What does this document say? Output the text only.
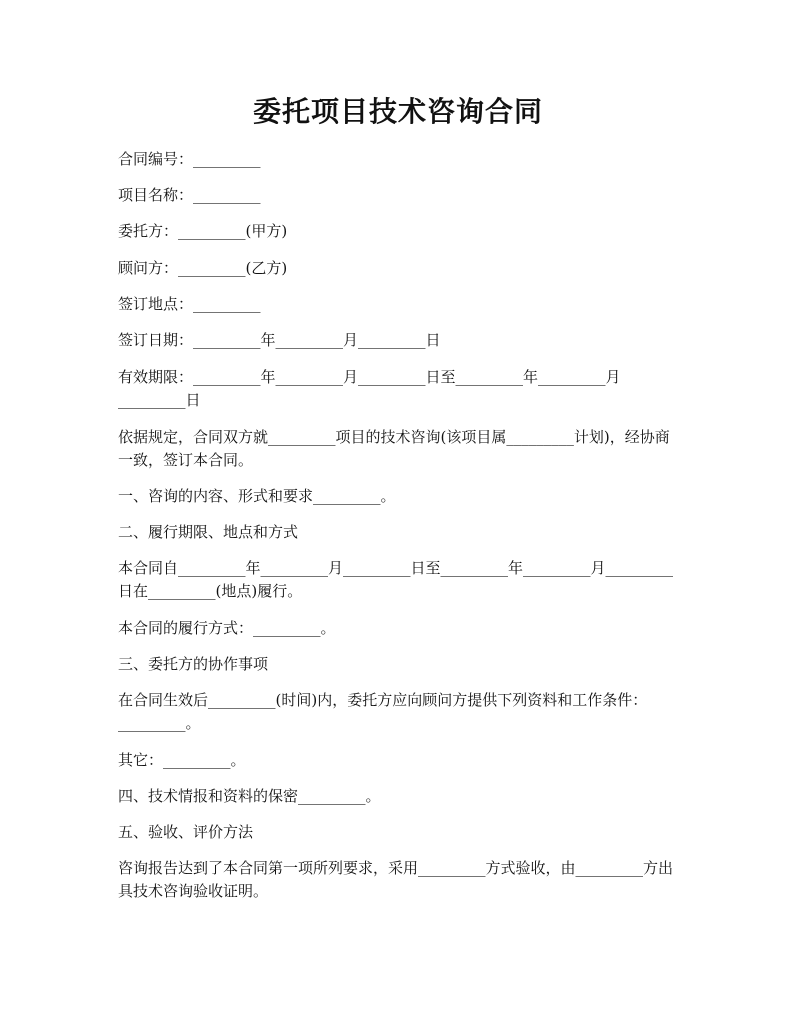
委托项目技术咨询合同

合同编号：_________

项目名称：_________

委托方：_________(甲方)

顾问方：_________(乙方)

签订地点：_________

签订日期：_________年_________月_________日

有效期限：_________年_________月_________日至_________年_________月_________日

依据规定，合同双方就_________项目的技术咨询(该项目属_________计划)，经协商一致，签订本合同。

一、咨询的内容、形式和要求_________。

二、履行期限、地点和方式

本合同自_________年_________月_________日至_________年_________月_________日在_________(地点)履行。

本合同的履行方式：_________。

三、委托方的协作事项

在合同生效后_________(时间)内，委托方应向顾问方提供下列资料和工作条件：_________。

其它：_________。

四、技术情报和资料的保密_________。

五、验收、评价方法

咨询报告达到了本合同第一项所列要求，采用_________方式验收，由_________方出具技术咨询验收证明。
